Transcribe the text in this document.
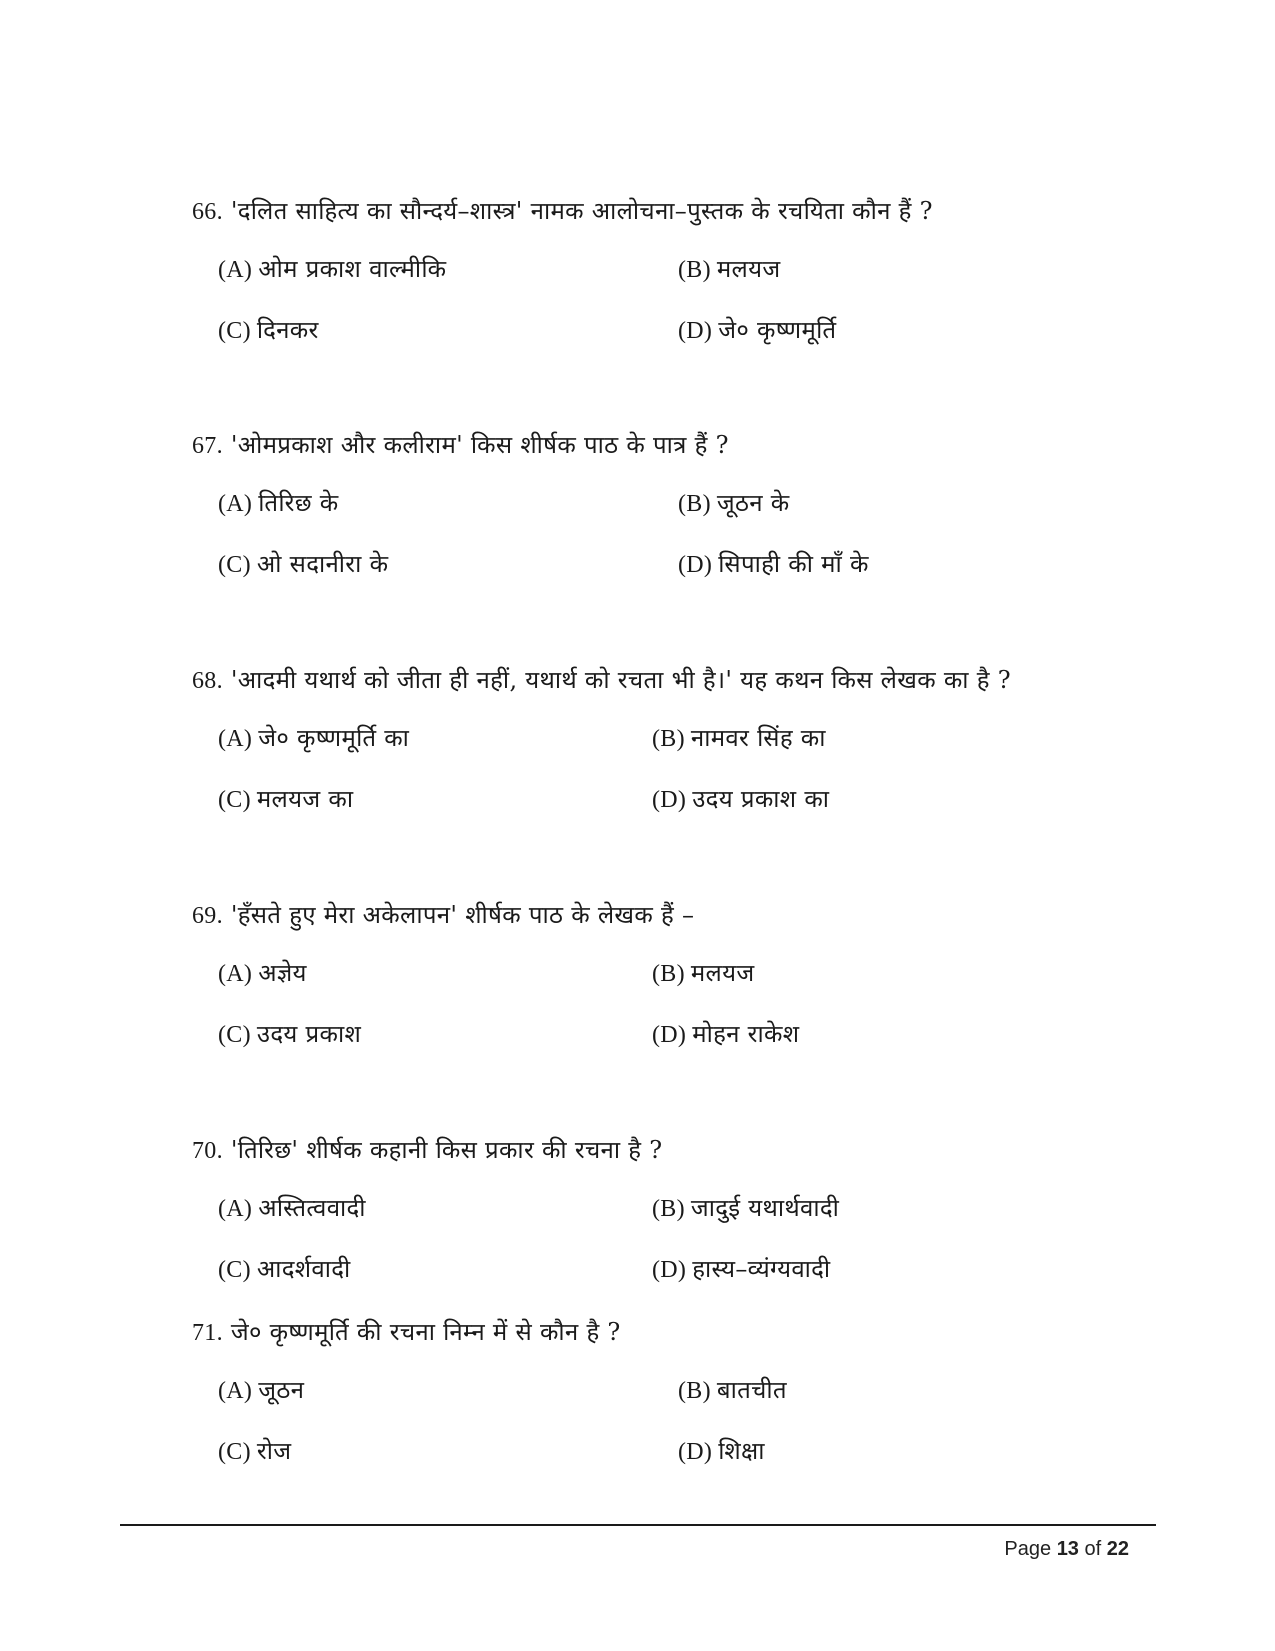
66. 'दलित साहित्य का सौन्दर्य–शास्त्र' नामक आलोचना–पुस्तक के रचयिता कौन हैं ?
(A) ओम प्रकाश वाल्मीकि	(B) मलयज
(C) दिनकर	(D) जे० कृष्णमूर्ति
67. 'ओमप्रकाश और कलीराम' किस शीर्षक पाठ के पात्र हैं ?
(A) तिरिछ के	(B) जूठन के
(C) ओ सदानीरा के	(D) सिपाही की माँ के
68. 'आदमी यथार्थ को जीता ही नहीं, यथार्थ को रचता भी है।' यह कथन किस लेखक का है ?
(A) जे० कृष्णमूर्ति का	(B) नामवर सिंह का
(C) मलयज का	(D) उदय प्रकाश का
69. 'हँसते हुए मेरा अकेलापन' शीर्षक पाठ के लेखक हैं –
(A) अज्ञेय	(B) मलयज
(C) उदय प्रकाश	(D) मोहन राकेश
70. 'तिरिछ' शीर्षक कहानी किस प्रकार की रचना है ?
(A) अस्तित्ववादी	(B) जादुई यथार्थवादी
(C) आदर्शवादी	(D) हास्य–व्यंग्यवादी
71. जे० कृष्णमूर्ति की रचना निम्न में से कौन है ?
(A) जूठन	(B) बातचीत
(C) रोज	(D) शिक्षा
Page 13 of 22
